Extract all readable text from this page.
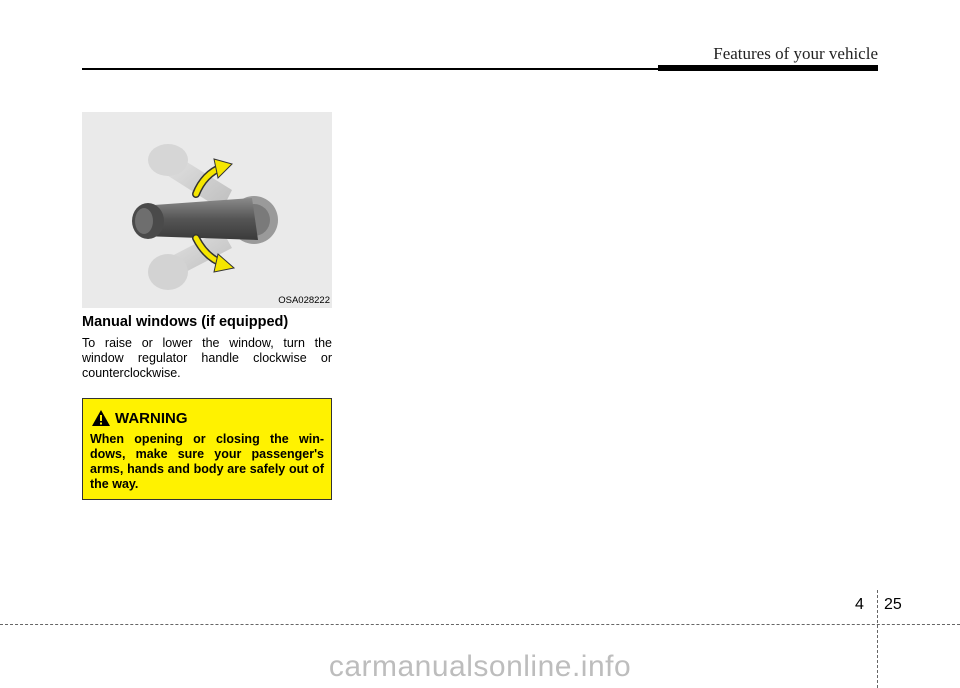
Features of your vehicle
OSA028222
Manual windows (if equipped)
To raise or lower the window, turn the window regulator handle clockwise or counterclockwise.
WARNING
When opening or closing the win-dows, make sure your passenger's arms, hands and body are safely out of the way.
4 25
carmanualsonline.info
